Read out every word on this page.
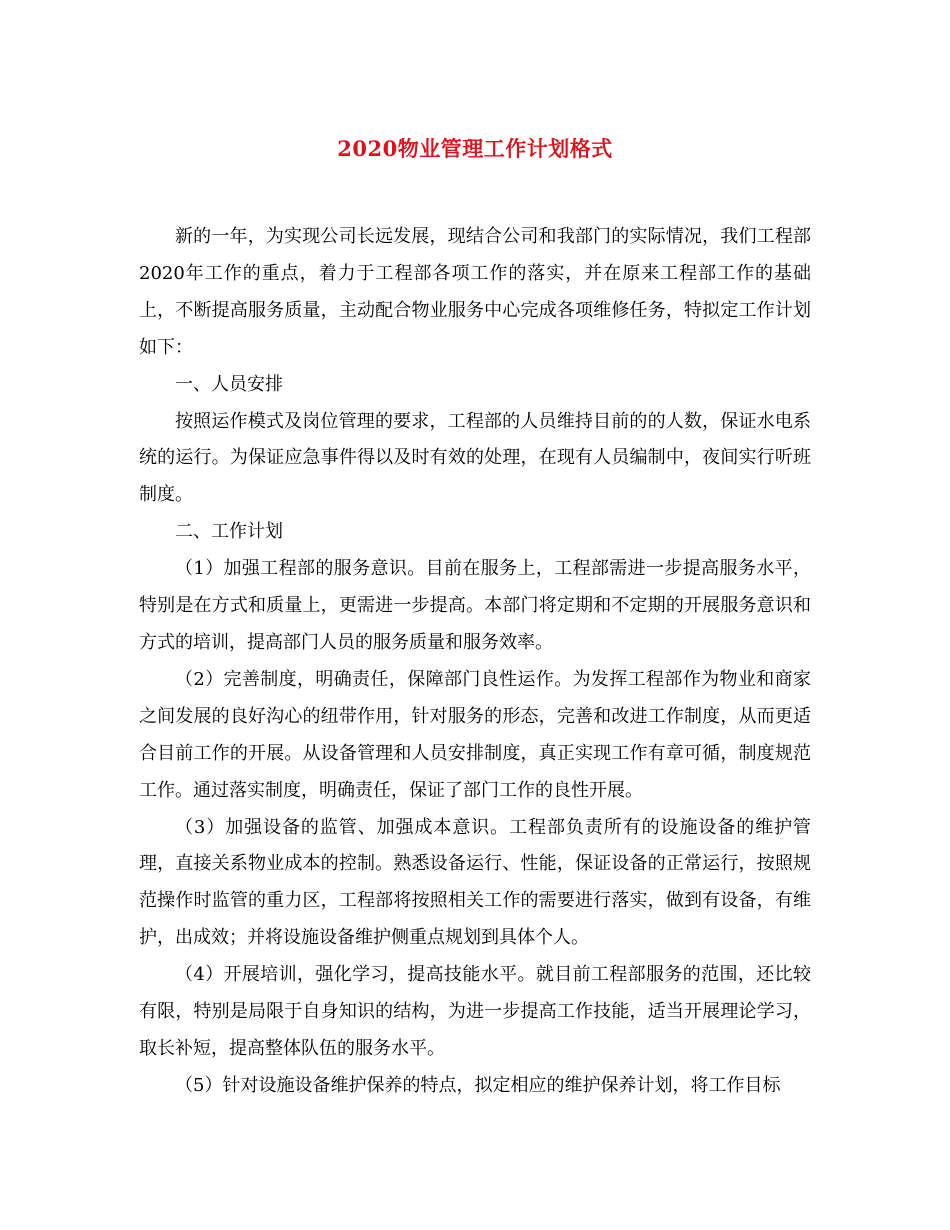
2020物业管理工作计划格式

新的一年，为实现公司长远发展，现结合公司和我部门的实际情况，我们工程部2020年工作的重点，着力于工程部各项工作的落实，并在原来工程部工作的基础上，不断提高服务质量，主动配合物业服务中心完成各项维修任务，特拟定工作计划如下：

一、人员安排

按照运作模式及岗位管理的要求，工程部的人员维持目前的的人数，保证水电系统的运行。为保证应急事件得以及时有效的处理，在现有人员编制中，夜间实行听班制度。

二、工作计划

（1）加强工程部的服务意识。目前在服务上，工程部需进一步提高服务水平，特别是在方式和质量上，更需进一步提高。本部门将定期和不定期的开展服务意识和方式的培训，提高部门人员的服务质量和服务效率。

（2）完善制度，明确责任，保障部门良性运作。为发挥工程部作为物业和商家之间发展的良好沟心的纽带作用，针对服务的形态，完善和改进工作制度，从而更适合目前工作的开展。从设备管理和人员安排制度，真正实现工作有章可循，制度规范工作。通过落实制度，明确责任，保证了部门工作的良性开展。

（3）加强设备的监管、加强成本意识。工程部负责所有的设施设备的维护管理，直接关系物业成本的控制。熟悉设备运行、性能，保证设备的正常运行，按照规范操作时监管的重力区，工程部将按照相关工作的需要进行落实，做到有设备，有维护，出成效；并将设施设备维护侧重点规划到具体个人。

（4）开展培训，强化学习，提高技能水平。就目前工程部服务的范围，还比较有限，特别是局限于自身知识的结构，为进一步提高工作技能，适当开展理论学习，取长补短，提高整体队伍的服务水平。

（5）针对设施设备维护保养的特点，拟定相应的维护保养计划，将工作目标
